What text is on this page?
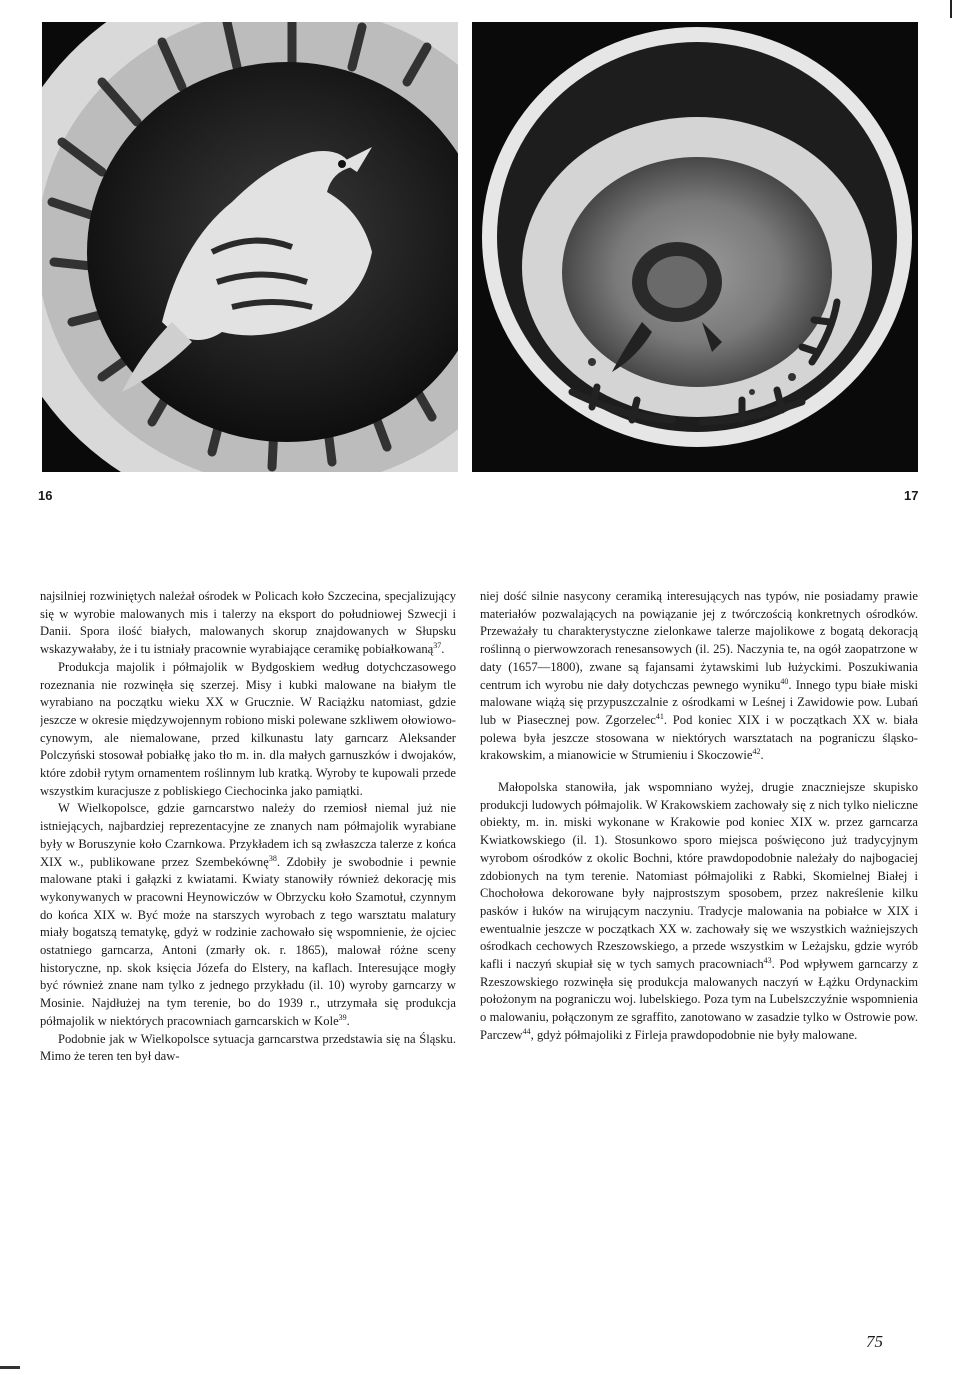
16	17

najsilniej rozwiniętych należał ośrodek w Policach koło Szczecina, specjalizujący się w wyrobie malowanych mis i talerzy na eksport do południowej Szwecji i Danii. Spora ilość białych, malowanych skorup znajdowanych w Słupsku wskazywałaby, że i tu istniały pracownie wyrabiające ceramikę pobiałkowaną$^{37}$.

Produkcja majolik i półmajolik w Bydgoskiem według dotychczasowego rozeznania nie rozwinęła się szerzej. Misy i kubki malowane na białym tle wyrabiano na początku wieku XX w Grucznie. W Raciążku natomiast, gdzie jeszcze w okresie międzywojennym robiono miski polewane szkliwem ołowiowo-cynowym, ale niemalowane, przed kilkunastu laty garncarz Aleksander Polczyński stosował pobiałkę jako tło m. in. dla małych garnuszków i dwojaków, które zdobił rytym ornamentem roślinnym lub kratką. Wyroby te kupowali przede wszystkim kuracjusze z pobliskiego Ciechocinka jako pamiątki.

W Wielkopolsce, gdzie garncarstwo należy do rzemiosł niemal już nie istniejących, najbardziej reprezentacyjne ze znanych nam półmajolik wyrabiane były w Boruszynie koło Czarnkowa. Przykładem ich są zwłaszcza talerze z końca XIX w., publikowane przez Szembekównę$^{38}$. Zdobiły je swobodnie i pewnie malowane ptaki i gałązki z kwiatami. Kwiaty stanowiły również dekorację mis wykonywanych w pracowni Heynowiczów w Obrzycku koło Szamotuł, czynnym do końca XIX w. Być może na starszych wyrobach z tego warsztatu malatury miały bogatszą tematykę, gdyż w rodzinie zachowało się wspomnienie, że ojciec ostatniego garncarza, Antoni (zmarły ok. r. 1865), malował różne sceny historyczne, np. skok księcia Józefa do Elstery, na kaflach. Interesujące mogły być również znane nam tylko z jednego przykładu (il. 10) wyroby garncarzy w Mosinie. Najdłużej na tym terenie, bo do 1939 r., utrzymała się produkcja półmajolik w niektórych pracowniach garncarskich w Kole$^{39}$.

Podobnie jak w Wielkopolsce sytuacja garncarstwa przedstawia się na Śląsku. Mimo że teren ten był daw-

niej dość silnie nasycony ceramiką interesujących nas typów, nie posiadamy prawie materiałów pozwalających na powiązanie jej z twórczością konkretnych ośrodków. Przeważały tu charakterystyczne zielonkawe talerze majolikowe z bogatą dekoracją roślinną o pierwowzorach renesansowych (il. 25). Naczynia te, na ogół zaopatrzone w daty (1657—1800), zwane są fajansami żytawskimi lub łużyckimi. Poszukiwania centrum ich wyrobu nie dały dotychczas pewnego wyniku$^{40}$. Innego typu białe miski malowane wiążą się przypuszczalnie z ośrodkami w Leśnej i Zawidowie pow. Lubań lub w Piasecznej pow. Zgorzelec$^{41}$. Pod koniec XIX i w początkach XX w. biała polewa była jeszcze stosowana w niektórych warsztatach na pograniczu śląsko-krakowskim, a mianowicie w Strumieniu i Skoczowie$^{42}$.

Małopolska stanowiła, jak wspomniano wyżej, drugie znaczniejsze skupisko produkcji ludowych półmajolik. W Krakowskiem zachowały się z nich tylko nieliczne obiekty, m. in. miski wykonane w Krakowie pod koniec XIX w. przez garncarza Kwiatkowskiego (il. 1). Stosunkowo sporo miejsca poświęcono już tradycyjnym wyrobom ośrodków z okolic Bochni, które prawdopodobnie należały do najbogaciej zdobionych na tym terenie. Natomiast półmajoliki z Rabki, Skomielnej Białej i Chochołowa dekorowane były najprostszym sposobem, przez nakreślenie kilku pasków i łuków na wirującym naczyniu. Tradycje malowania na pobiałce w XIX i ewentualnie jeszcze w początkach XX w. zachowały się we wszystkich ważniejszych ośrodkach cechowych Rzeszowskiego, a przede wszystkim w Leżajsku, gdzie wyrób kafli i naczyń skupiał się w tych samych pracowniach$^{43}$. Pod wpływem garncarzy z Rzeszowskiego rozwinęła się produkcja malowanych naczyń w Łążku Ordynackim położonym na pograniczu woj. lubelskiego. Poza tym na Lubelszczyźnie wspomnienia o malowaniu, połączonym ze sgraffito, zanotowano w zasadzie tylko w Ostrowie pow. Parczew$^{44}$, gdyż półmajoliki z Firleja prawdopodobnie nie były malowane.

75
